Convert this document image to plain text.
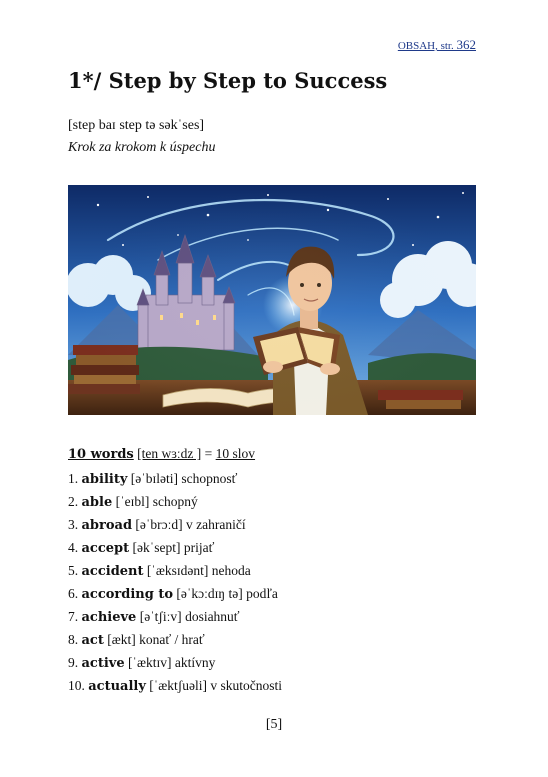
OBSAH, str. 362
1*/ Step by Step to Success
[step baɪ step tə səkˈses]
Krok za krokom k úspechu
10 words [ten wɜːdz ] = 10 slov
1. ability [əˈbɪləti] schopnosť
2. able [ˈeɪbl] schopný
3. abroad [əˈbrɔːd] v zahraničí
4. accept [əkˈsept] prijať
5. accident [ˈæksɪdənt] nehoda
6. according to [əˈkɔːdɪŋ tə] podľa
7. achieve [əˈtʃiːv] dosiahnuť
8. act [ækt] konať / hrať
9. active [ˈæktɪv] aktívny
10. actually [ˈæktʃuəli] v skutočnosti
[5]
